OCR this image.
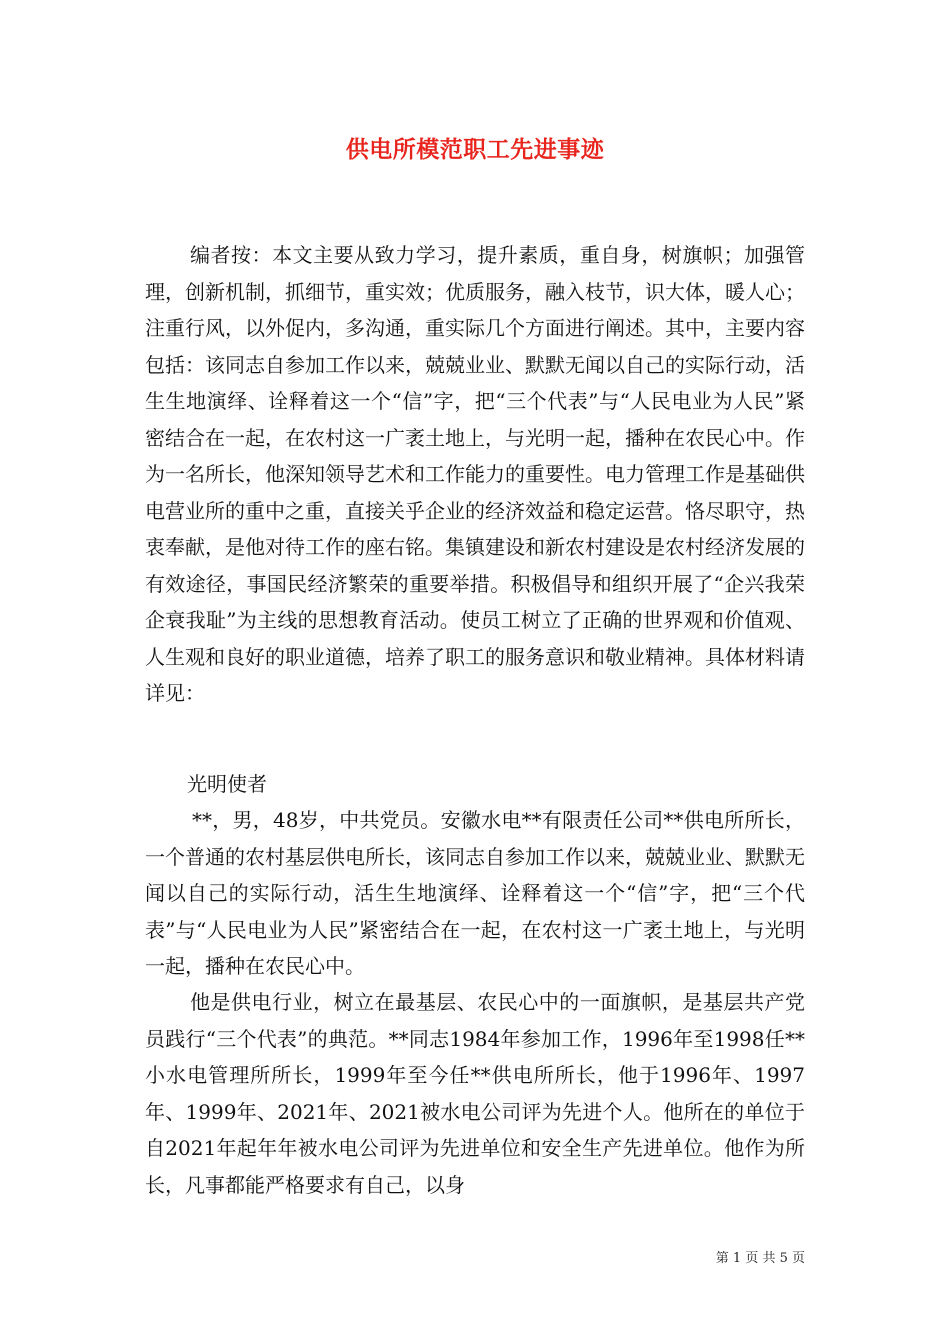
供电所模范职工先进事迹

编者按：本文主要从致力学习，提升素质，重自身，树旗帜；加强管理，创新机制，抓细节，重实效；优质服务，融入枝节，识大体，暖人心；注重行风，以外促内，多沟通，重实际几个方面进行阐述。其中，主要内容包括：该同志自参加工作以来，兢兢业业、默默无闻以自己的实际行动，活生生地演绎、诠释着这一个“信”字，把“三个代表”与“人民电业为人民”紧密结合在一起，在农村这一广袤土地上，与光明一起，播种在农民心中。作为一名所长，他深知领导艺术和工作能力的重要性。电力管理工作是基础供电营业所的重中之重，直接关乎企业的经济效益和稳定运营。恪尽职守，热衷奉献，是他对待工作的座右铭。集镇建设和新农村建设是农村经济发展的有效途径，事国民经济繁荣的重要举措。积极倡导和组织开展了“企兴我荣企衰我耻”为主线的思想教育活动。使员工树立了正确的世界观和价值观、人生观和良好的职业道德，培养了职工的服务意识和敬业精神。具体材料请详见：

光明使者

**，男，48岁，中共党员。安徽水电**有限责任公司**供电所所长，一个普通的农村基层供电所长，该同志自参加工作以来，兢兢业业、默默无闻以自己的实际行动，活生生地演绎、诠释着这一个“信”字，把“三个代表”与“人民电业为人民”紧密结合在一起，在农村这一广袤土地上，与光明一起，播种在农民心中。

他是供电行业，树立在最基层、农民心中的一面旗帜，是基层共产党员践行“三个代表”的典范。**同志1984年参加工作，1996年至1998任**小水电管理所所长，1999年至今任**供电所所长，他于1996年、1997年、1999年、2021年、2021被水电公司评为先进个人。他所在的单位于自2021年起年年被水电公司评为先进单位和安全生产先进单位。他作为所长，凡事都能严格要求有自己，以身

第 1 页 共 5 页
